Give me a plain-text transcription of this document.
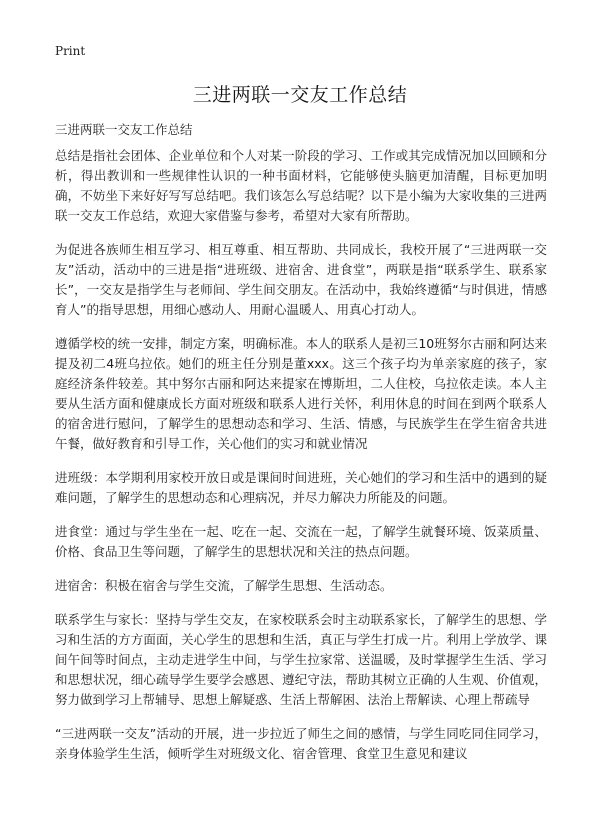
Print
三进两联一交友工作总结

三进两联一交友工作总结

总结是指社会团体、企业单位和个人对某一阶段的学习、工作或其完成情况加以回顾和分析，得出教训和一些规律性认识的一种书面材料，它能够使头脑更加清醒，目标更加明确，不妨坐下来好好写写总结吧。我们该怎么写总结呢？以下是小编为大家收集的三进两联一交友工作总结，欢迎大家借鉴与参考，希望对大家有所帮助。

为促进各族师生相互学习、相互尊重、相互帮助、共同成长，我校开展了“三进两联一交友”活动，活动中的三进是指“进班级、进宿舍、进食堂”，两联是指“联系学生、联系家长”，一交友是指学生与老师间、学生间交朋友。在活动中，我始终遵循“与时俱进，情感育人”的指导思想，用细心感动人、用耐心温暖人、用真心打动人。

遵循学校的统一安排，制定方案，明确标准。本人的联系人是初三10班努尔古丽和阿达来提及初二4班乌拉依。她们的班主任分别是董xxx。这三个孩子均为单亲家庭的孩子，家庭经济条件较差。其中努尔古丽和阿达来提家在博斯坦，二人住校，乌拉依走读。本人主要从生活方面和健康成长方面对班级和联系人进行关怀，利用休息的时间在到两个联系人的宿舍进行慰问，了解学生的思想动态和学习、生活、情感，与民族学生在学生宿舍共进午餐，做好教育和引导工作，关心他们的实习和就业情况

进班级：本学期利用家校开放日或是课间时间进班，关心她们的学习和生活中的遇到的疑难问题，了解学生的思想动态和心理病况，并尽力解决力所能及的问题。

进食堂：通过与学生坐在一起、吃在一起、交流在一起，了解学生就餐环境、饭菜质量、价格、食品卫生等问题，了解学生的思想状况和关注的热点问题。

进宿舍：积极在宿舍与学生交流，了解学生思想、生活动态。

联系学生与家长：坚持与学生交友，在家校联系会时主动联系家长，了解学生的思想、学习和生活的方方面面，关心学生的思想和生活，真正与学生打成一片。利用上学放学、课间午间等时间点，主动走进学生中间，与学生拉家常、送温暖，及时掌握学生生活、学习和思想状况，细心疏导学生要学会感恩、遵纪守法，帮助其树立正确的人生观、价值观，努力做到学习上帮辅导、思想上解疑惑、生活上帮解困、法治上帮解读、心理上帮疏导

“三进两联一交友”活动的开展，进一步拉近了师生之间的感情，与学生同吃同住同学习，亲身体验学生生活，倾听学生对班级文化、宿舍管理、食堂卫生意见和建议
